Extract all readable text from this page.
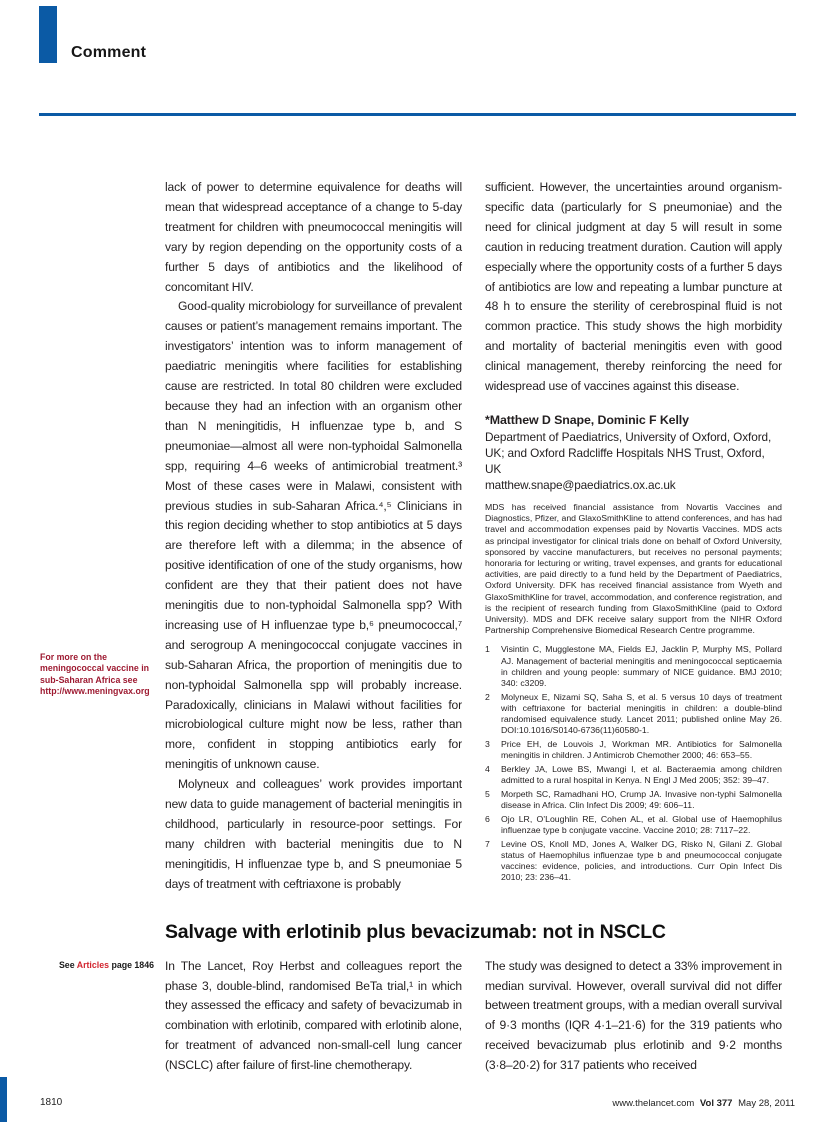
Comment
For more on the meningococcal vaccine in sub-Saharan Africa see http://www.meningvax.org

lack of power to determine equivalence for deaths will mean that widespread acceptance of a change to 5-day treatment for children with pneumococcal meningitis will vary by region depending on the opportunity costs of a further 5 days of antibiotics and the likelihood of concomitant HIV.

Good-quality microbiology for surveillance of prevalent causes or patient’s management remains important. The investigators’ intention was to inform management of paediatric meningitis where facilities for establishing cause are restricted. In total 80 children were excluded because they had an infection with an organism other than N meningitidis, H influenzae type b, and S pneumoniae—almost all were non-typhoidal Salmonella spp, requiring 4–6 weeks of antimicrobial treatment.³ Most of these cases were in Malawi, consistent with previous studies in sub-Saharan Africa.⁴,⁵ Clinicians in this region deciding whether to stop antibiotics at 5 days are therefore left with a dilemma; in the absence of positive identification of one of the study organisms, how confident are they that their patient does not have meningitis due to non-typhoidal Salmonella spp? With increasing use of H influenzae type b,⁶ pneumococcal,⁷ and serogroup A meningococcal conjugate vaccines in sub-Saharan Africa, the proportion of meningitis due to non-typhoidal Salmonella spp will probably increase. Paradoxically, clinicians in Malawi without facilities for microbiological culture might now be less, rather than more, confident in stopping antibiotics early for meningitis of unknown cause.

Molyneux and colleagues’ work provides important new data to guide management of bacterial meningitis in childhood, particularly in resource-poor settings. For many children with bacterial meningitis due to N meningitidis, H influenzae type b, and S pneumoniae 5 days of treatment with ceftriaxone is probably

sufficient. However, the uncertainties around organism-specific data (particularly for S pneumoniae) and the need for clinical judgment at day 5 will result in some caution in reducing treatment duration. Caution will apply especially where the opportunity costs of a further 5 days of antibiotics are low and repeating a lumbar puncture at 48 h to ensure the sterility of cerebrospinal fluid is not common practice. This study shows the high morbidity and mortality of bacterial meningitis even with good clinical management, thereby reinforcing the need for widespread use of vaccines against this disease.

*Matthew D Snape, Dominic F Kelly

Department of Paediatrics, University of Oxford, Oxford, UK; and Oxford Radcliffe Hospitals NHS Trust, Oxford, UK

matthew.snape@paediatrics.ox.ac.uk

MDS has received financial assistance from Novartis Vaccines and Diagnostics, Pfizer, and GlaxoSmithKline to attend conferences, and has had travel and accommodation expenses paid by Novartis Vaccines. MDS acts as principal investigator for clinical trials done on behalf of Oxford University, sponsored by vaccine manufacturers, but receives no personal payments; honoraria for lecturing or writing, travel expenses, and grants for educational activities, are paid directly to a fund held by the Department of Paediatrics, Oxford University. DFK has received financial assistance from Wyeth and GlaxoSmithKline for travel, accommodation, and conference registration, and is the recipient of research funding from GlaxoSmithKline (paid to Oxford University). MDS and DFK receive salary support from the NIHR Oxford Partnership Comprehensive Biomedical Research Centre programme.

1	Visintin C, Mugglestone MA, Fields EJ, Jacklin P, Murphy MS, Pollard AJ. Management of bacterial meningitis and meningococcal septicaemia in children and young people: summary of NICE guidance. BMJ 2010; 340: c3209.
2	Molyneux E, Nizami SQ, Saha S, et al. 5 versus 10 days of treatment with ceftriaxone for bacterial meningitis in children: a double-blind randomised equivalence study. Lancet 2011; published online May 26. DOI:10.1016/S0140-6736(11)60580-1.
3	Price EH, de Louvois J, Workman MR. Antibiotics for Salmonella meningitis in children. J Antimicrob Chemother 2000; 46: 653–55.
4	Berkley JA, Lowe BS, Mwangi I, et al. Bacteraemia among children admitted to a rural hospital in Kenya. N Engl J Med 2005; 352: 39–47.
5	Morpeth SC, Ramadhani HO, Crump JA. Invasive non-typhi Salmonella disease in Africa. Clin Infect Dis 2009; 49: 606–11.
6	Ojo LR, O’Loughlin RE, Cohen AL, et al. Global use of Haemophilus influenzae type b conjugate vaccine. Vaccine 2010; 28: 7117–22.
7	Levine OS, Knoll MD, Jones A, Walker DG, Risko N, Gilani Z. Global status of Haemophilus influenzae type b and pneumococcal conjugate vaccines: evidence, policies, and introductions. Curr Opin Infect Dis 2010; 23: 236–41.
Salvage with erlotinib plus bevacizumab: not in NSCLC
See Articles page 1846 In The Lancet, Roy Herbst and colleagues report the phase 3, double-blind, randomised BeTa trial,¹ in which they assessed the efficacy and safety of bevacizumab in combination with erlotinib, compared with erlotinib alone, for treatment of advanced non-small-cell lung cancer (NSCLC) after failure of first-line chemotherapy.

The study was designed to detect a 33% improvement in median survival. However, overall survival did not differ between treatment groups, with a median overall survival of 9·3 months (IQR 4·1–21·6) for the 319 patients who received bevacizumab plus erlotinib and 9·2 months (3·8–20·2) for 317 patients who received

1810	www.thelancet.com Vol 377 May 28, 2011
